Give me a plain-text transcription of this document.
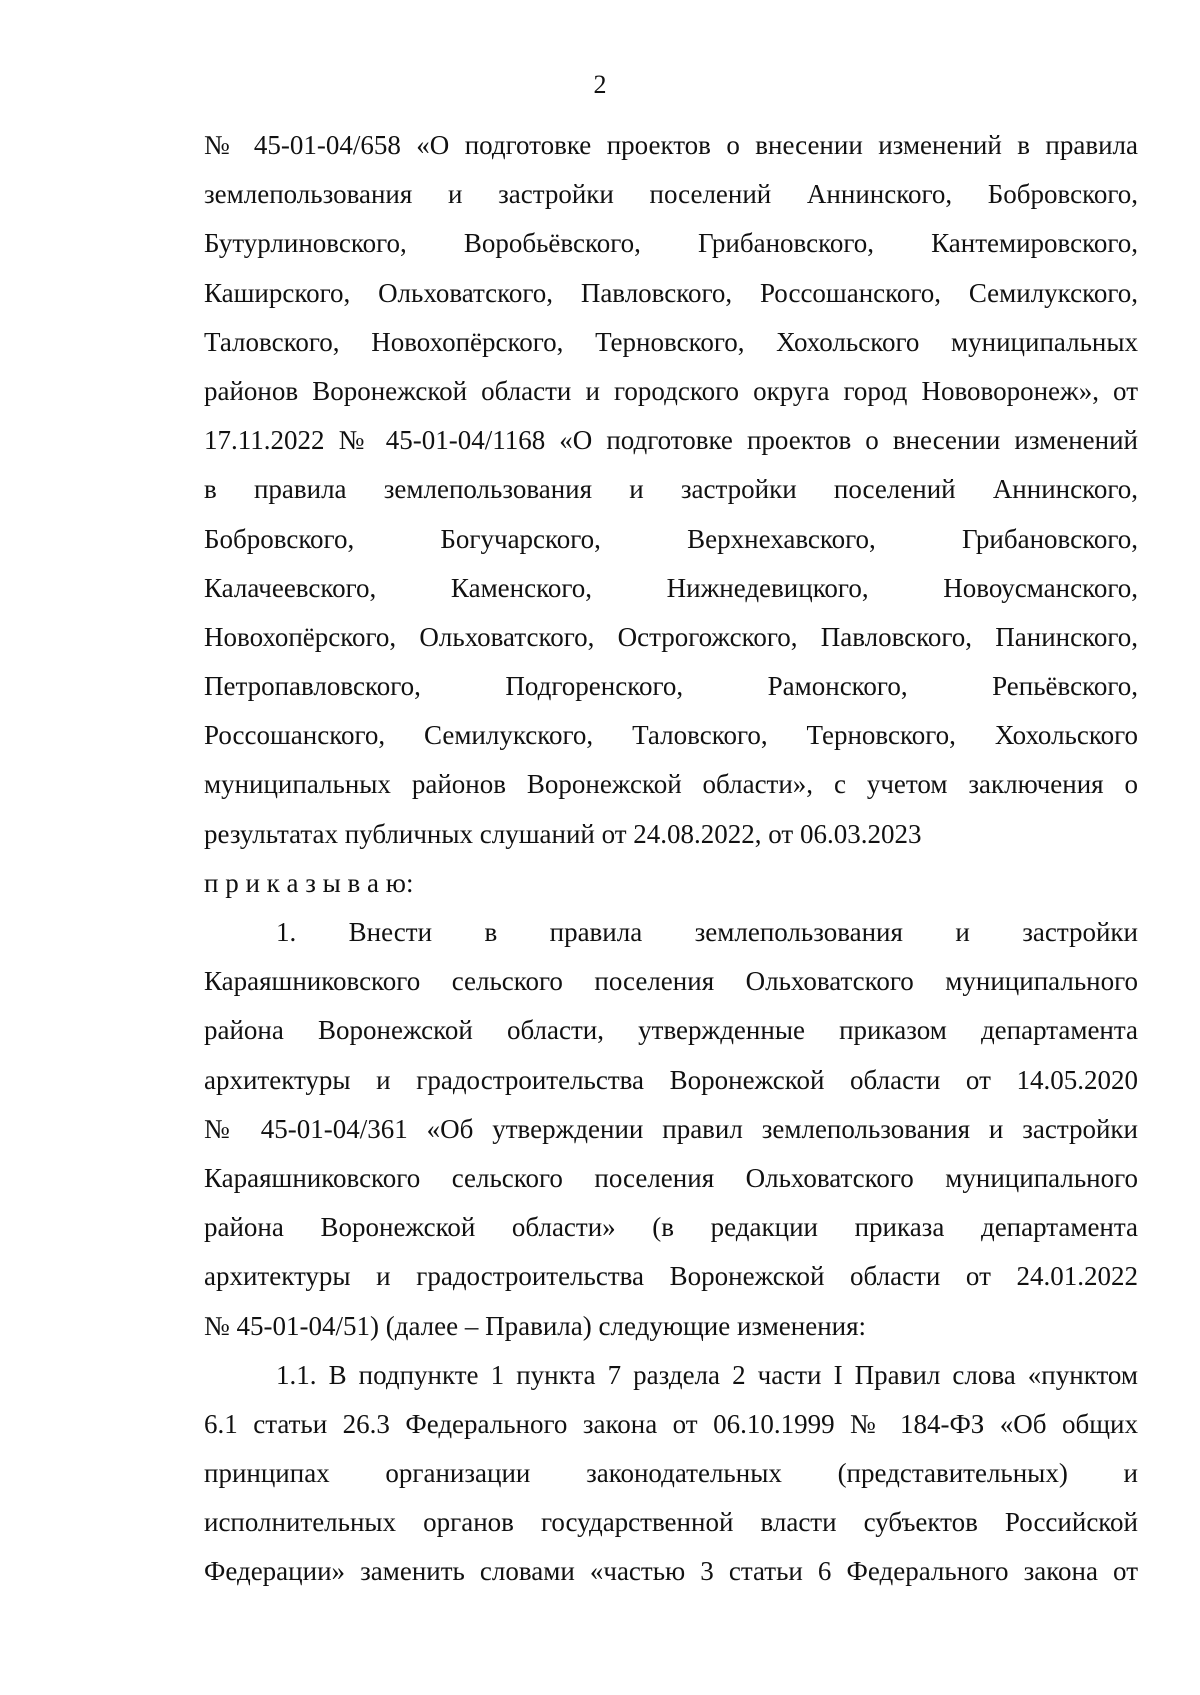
2
№ 45-01-04/658 «О подготовке проектов о внесении изменений в правила
землепользования и застройки поселений Аннинского, Бобровского,
Бутурлиновского, Воробьёвского, Грибановского, Кантемировского,
Каширского, Ольховатского, Павловского, Россошанского, Семилукского,
Таловского, Новохопёрского, Терновского, Хохольского муниципальных
районов Воронежской области и городского округа город Нововоронеж», от
17.11.2022 № 45-01-04/1168 «О подготовке проектов о внесении изменений
в правила землепользования и застройки поселений Аннинского,
Бобровского, Богучарского, Верхнехавского, Грибановского,
Калачеевского, Каменского, Нижнедевицкого, Новоусманского,
Новохопёрского, Ольховатского, Острогожского, Павловского, Панинского,
Петропавловского, Подгоренского, Рамонского, Репьёвского,
Россошанского, Семилукского, Таловского, Терновского, Хохольского
муниципальных районов Воронежской области», с учетом заключения о
результатах публичных слушаний от 24.08.2022, от 06.03.2023
п р и к а з ы в а ю:
1. Внести в правила землепользования и застройки
Караяшниковского сельского поселения Ольховатского муниципального
района Воронежской области, утвержденные приказом департамента
архитектуры и градостроительства Воронежской области от 14.05.2020
№ 45-01-04/361 «Об утверждении правил землепользования и застройки
Караяшниковского сельского поселения Ольховатского муниципального
района Воронежской области» (в редакции приказа департамента
архитектуры и градостроительства Воронежской области от 24.01.2022
№ 45-01-04/51) (далее – Правила) следующие изменения:
1.1. В подпункте 1 пункта 7 раздела 2 части I Правил слова «пунктом
6.1 статьи 26.3 Федерального закона от 06.10.1999 № 184-ФЗ «Об общих
принципах организации законодательных (представительных) и
исполнительных органов государственной власти субъектов Российской
Федерации» заменить словами «частью 3 статьи 6 Федерального закона от
